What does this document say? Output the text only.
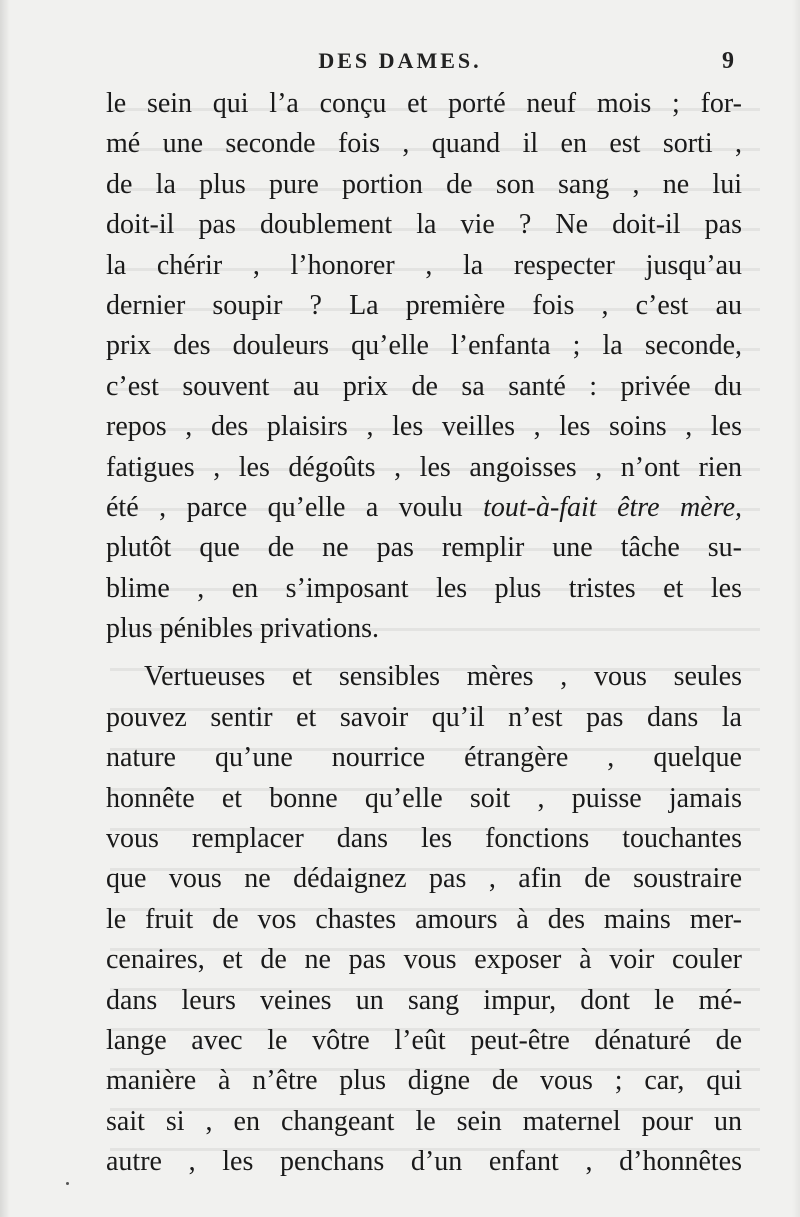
DES DAMES.	9
le sein qui l’a conçu et porté neuf mois ; for-
mé une seconde fois , quand il en est sorti ,
de la plus pure portion de son sang , ne lui
doit-il pas doublement la vie ? Ne doit-il pas
la chérir , l’honorer , la respecter jusqu’au
dernier soupir ? La première fois , c’est au
prix des douleurs qu’elle l’enfanta ; la seconde,
c’est souvent au prix de sa santé : privée du
repos , des plaisirs , les veilles , les soins , les
fatigues , les dégoûts , les angoisses , n’ont rien
été , parce qu’elle a voulu tout-à-fait être mère,
plutôt que de ne pas remplir une tâche su-
blime , en s’imposant les plus tristes et les
plus pénibles privations.
Vertueuses et sensibles mères , vous seules
pouvez sentir et savoir qu’il n’est pas dans la
nature qu’une nourrice étrangère , quelque
honnête et bonne qu’elle soit , puisse jamais
vous remplacer dans les fonctions touchantes
que vous ne dédaignez pas , afin de soustraire
le fruit de vos chastes amours à des mains mer-
cenaires, et de ne pas vous exposer à voir couler
dans leurs veines un sang impur, dont le mé-
lange avec le vôtre l’eût peut-être dénaturé de
manière à n’être plus digne de vous ; car, qui
sait si , en changeant le sein maternel pour un
autre , les penchans d’un enfant , d’honnêtes
